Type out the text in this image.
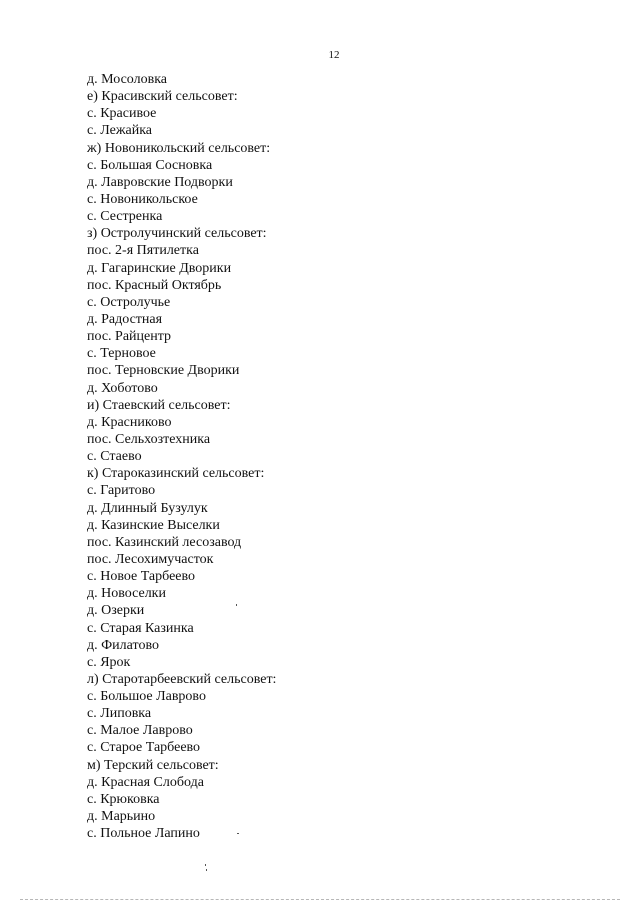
12
д. Мосоловка
е) Красивский сельсовет:
с. Красивое
с. Лежайка
ж) Новоникольский сельсовет:
с. Большая Сосновка
д. Лавровские Подворки
с. Новоникольское
с. Сестренка
з) Остролучинский сельсовет:
пос. 2-я Пятилетка
д. Гагаринские Дворики
пос. Красный Октябрь
с. Остролучье
д. Радостная
пос. Райцентр
с. Терновое
пос. Терновские Дворики
д. Хоботово
и) Стаевский сельсовет:
д. Красниково
пос. Сельхозтехника
с. Стаево
к) Староказинский сельсовет:
с. Гаритово
д. Длинный Бузулук
д. Казинские Выселки
пос. Казинский лесозавод
пос. Лесохимучасток
с. Новое Тарбеево
д. Новоселки
д. Озерки
с. Старая Казинка
д. Филатово
с. Ярок
л) Старотарбеевский сельсовет:
с. Большое Лаврово
с. Липовка
с. Малое Лаврово
с. Старое Тарбеево
м) Терский сельсовет:
д. Красная Слобода
с. Крюковка
д. Марьино
с. Польное Лапино
